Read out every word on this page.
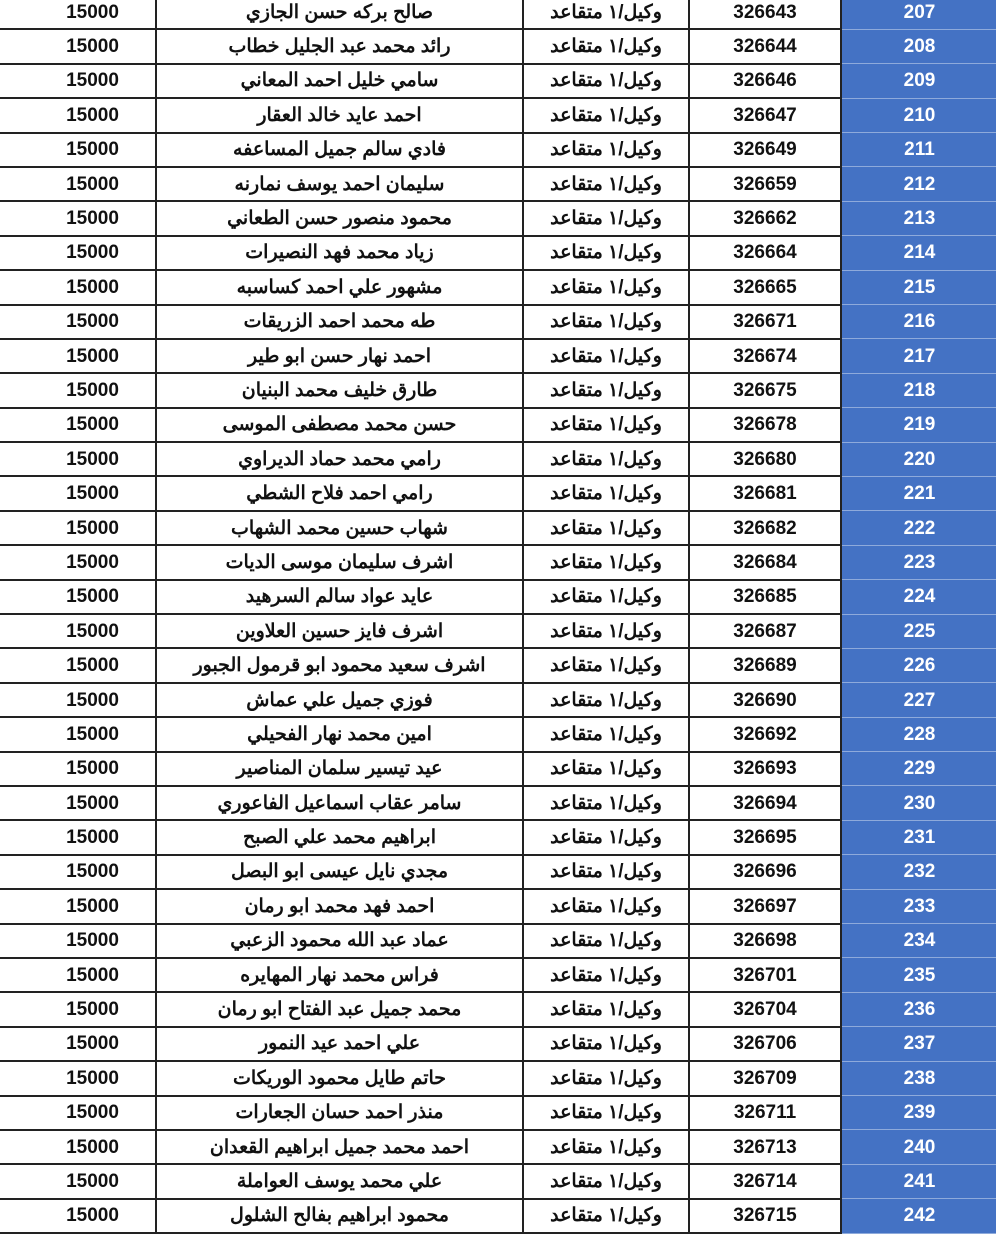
15000	صالح بركه حسن الجازي	وكيل/١ متقاعد	326643	207
15000	رائد محمد عبد الجليل خطاب	وكيل/١ متقاعد	326644	208
15000	سامي خليل احمد المعاني	وكيل/١ متقاعد	326646	209
15000	احمد عايد خالد العقار	وكيل/١ متقاعد	326647	210
15000	فادي سالم جميل المساعفه	وكيل/١ متقاعد	326649	211
15000	سليمان احمد يوسف نمارنه	وكيل/١ متقاعد	326659	212
15000	محمود منصور حسن الطعاني	وكيل/١ متقاعد	326662	213
15000	زياد محمد فهد النصيرات	وكيل/١ متقاعد	326664	214
15000	مشهور علي احمد كساسبه	وكيل/١ متقاعد	326665	215
15000	طه محمد احمد الزريقات	وكيل/١ متقاعد	326671	216
15000	احمد نهار حسن ابو طير	وكيل/١ متقاعد	326674	217
15000	طارق خليف محمد البنيان	وكيل/١ متقاعد	326675	218
15000	حسن محمد مصطفى الموسى	وكيل/١ متقاعد	326678	219
15000	رامي محمد حماد الديراوي	وكيل/١ متقاعد	326680	220
15000	رامي احمد فلاح الشطي	وكيل/١ متقاعد	326681	221
15000	شهاب حسين محمد الشهاب	وكيل/١ متقاعد	326682	222
15000	اشرف سليمان موسى الديات	وكيل/١ متقاعد	326684	223
15000	عايد عواد سالم السرهيد	وكيل/١ متقاعد	326685	224
15000	اشرف فايز حسين العلاوين	وكيل/١ متقاعد	326687	225
15000	اشرف سعيد محمود ابو قرمول الجبور	وكيل/١ متقاعد	326689	226
15000	فوزي جميل علي عماش	وكيل/١ متقاعد	326690	227
15000	امين محمد نهار الفحيلي	وكيل/١ متقاعد	326692	228
15000	عيد تيسير سلمان المناصير	وكيل/١ متقاعد	326693	229
15000	سامر عقاب اسماعيل الفاعوري	وكيل/١ متقاعد	326694	230
15000	ابراهيم محمد علي الصبح	وكيل/١ متقاعد	326695	231
15000	مجدي نايل عيسى ابو البصل	وكيل/١ متقاعد	326696	232
15000	احمد فهد محمد ابو رمان	وكيل/١ متقاعد	326697	233
15000	عماد عبد الله محمود الزعبي	وكيل/١ متقاعد	326698	234
15000	فراس محمد نهار المهايره	وكيل/١ متقاعد	326701	235
15000	محمد جميل عبد الفتاح ابو رمان	وكيل/١ متقاعد	326704	236
15000	علي احمد عيد النمور	وكيل/١ متقاعد	326706	237
15000	حاتم طايل محمود الوريكات	وكيل/١ متقاعد	326709	238
15000	منذر احمد حسان الجعارات	وكيل/١ متقاعد	326711	239
15000	احمد محمد جميل ابراهيم القعدان	وكيل/١ متقاعد	326713	240
15000	علي محمد يوسف العواملة	وكيل/١ متقاعد	326714	241
15000	محمود ابراهيم بفالح الشلول	وكيل/١ متقاعد	326715	242
